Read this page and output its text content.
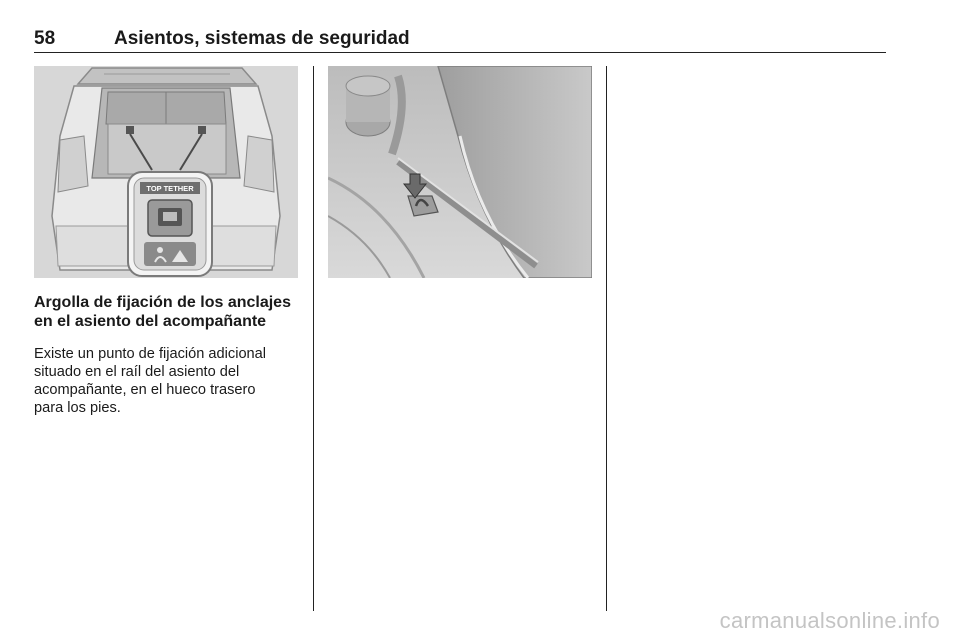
58	Asientos, sistemas de seguridad
TOP TETHER
Argolla de fijación de los anclajes
en el asiento del acompañante
Existe un punto de fijación adicional
situado en el raíl del asiento del
acompañante, en el hueco trasero
para los pies.
carmanualsonline.info
